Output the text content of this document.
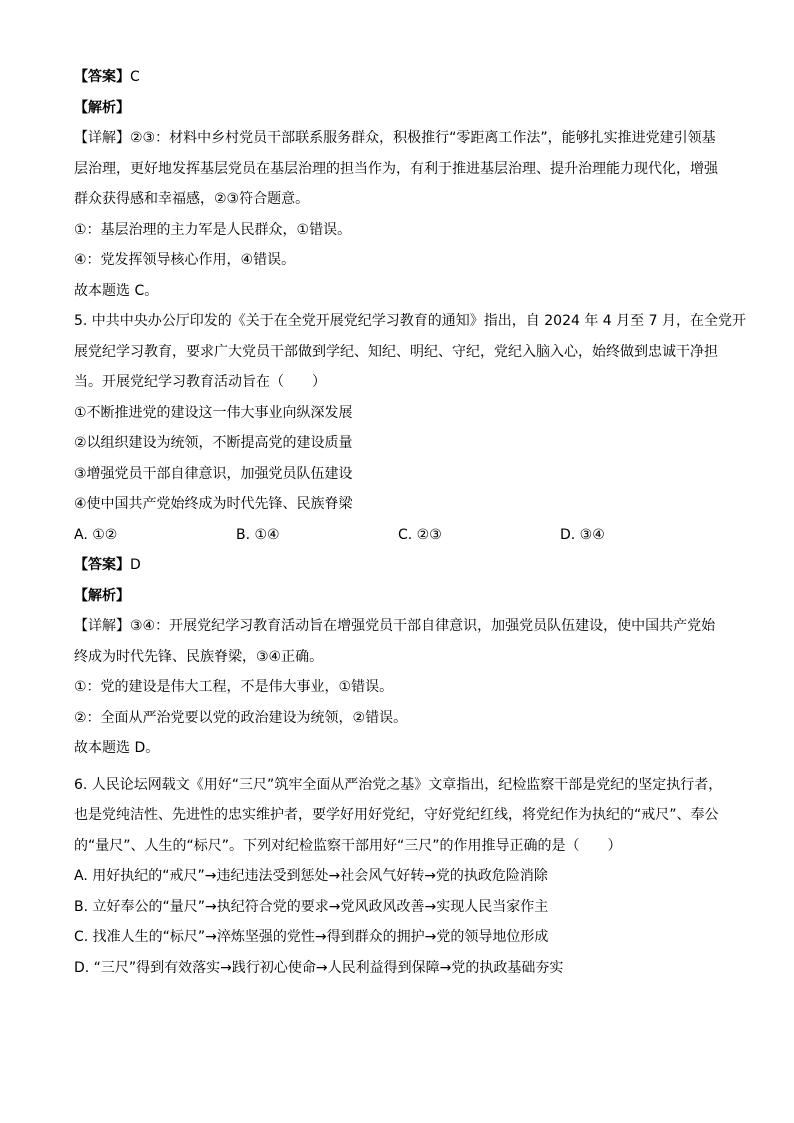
【答案】C
【解析】
【详解】②③：材料中乡村党员干部联系服务群众，积极推行“零距离工作法”，能够扎实推进党建引领基
层治理，更好地发挥基层党员在基层治理的担当作为，有利于推进基层治理、提升治理能力现代化，增强
群众获得感和幸福感，②③符合题意。
①：基层治理的主力军是人民群众，①错误。
④：党发挥领导核心作用，④错误。
故本题选 C。
5. 中共中央办公厅印发的《关于在全党开展党纪学习教育的通知》指出，自 2024 年 4 月至 7 月，在全党开
展党纪学习教育，要求广大党员干部做到学纪、知纪、明纪、守纪，党纪入脑入心，始终做到忠诚干净担
当。开展党纪学习教育活动旨在（　　）
①不断推进党的建设这一伟大事业向纵深发展
②以组织建设为统领，不断提高党的建设质量
③增强党员干部自律意识，加强党员队伍建设
④使中国共产党始终成为时代先锋、民族脊梁
A. ①②	B. ①④	C. ②③	D. ③④
【答案】D
【解析】
【详解】③④：开展党纪学习教育活动旨在增强党员干部自律意识，加强党员队伍建设，使中国共产党始
终成为时代先锋、民族脊梁，③④正确。
①：党的建设是伟大工程，不是伟大事业，①错误。
②：全面从严治党要以党的政治建设为统领，②错误。
故本题选 D。
6. 人民论坛网载文《用好“三尺”筑牢全面从严治党之基》文章指出，纪检监察干部是党纪的坚定执行者，
也是党纯洁性、先进性的忠实维护者，要学好用好党纪，守好党纪红线，将党纪作为执纪的“戒尺”、奉公
的“量尺”、人生的“标尺”。下列对纪检监察干部用好“三尺”的作用推导正确的是（　　）
A. 用好执纪的“戒尺”→违纪违法受到惩处→社会风气好转→党的执政危险消除
B. 立好奉公的“量尺”→执纪符合党的要求→党风政风改善→实现人民当家作主
C. 找准人生的“标尺”→淬炼坚强的党性→得到群众的拥护→党的领导地位形成
D. “三尺”得到有效落实→践行初心使命→人民利益得到保障→党的执政基础夯实
